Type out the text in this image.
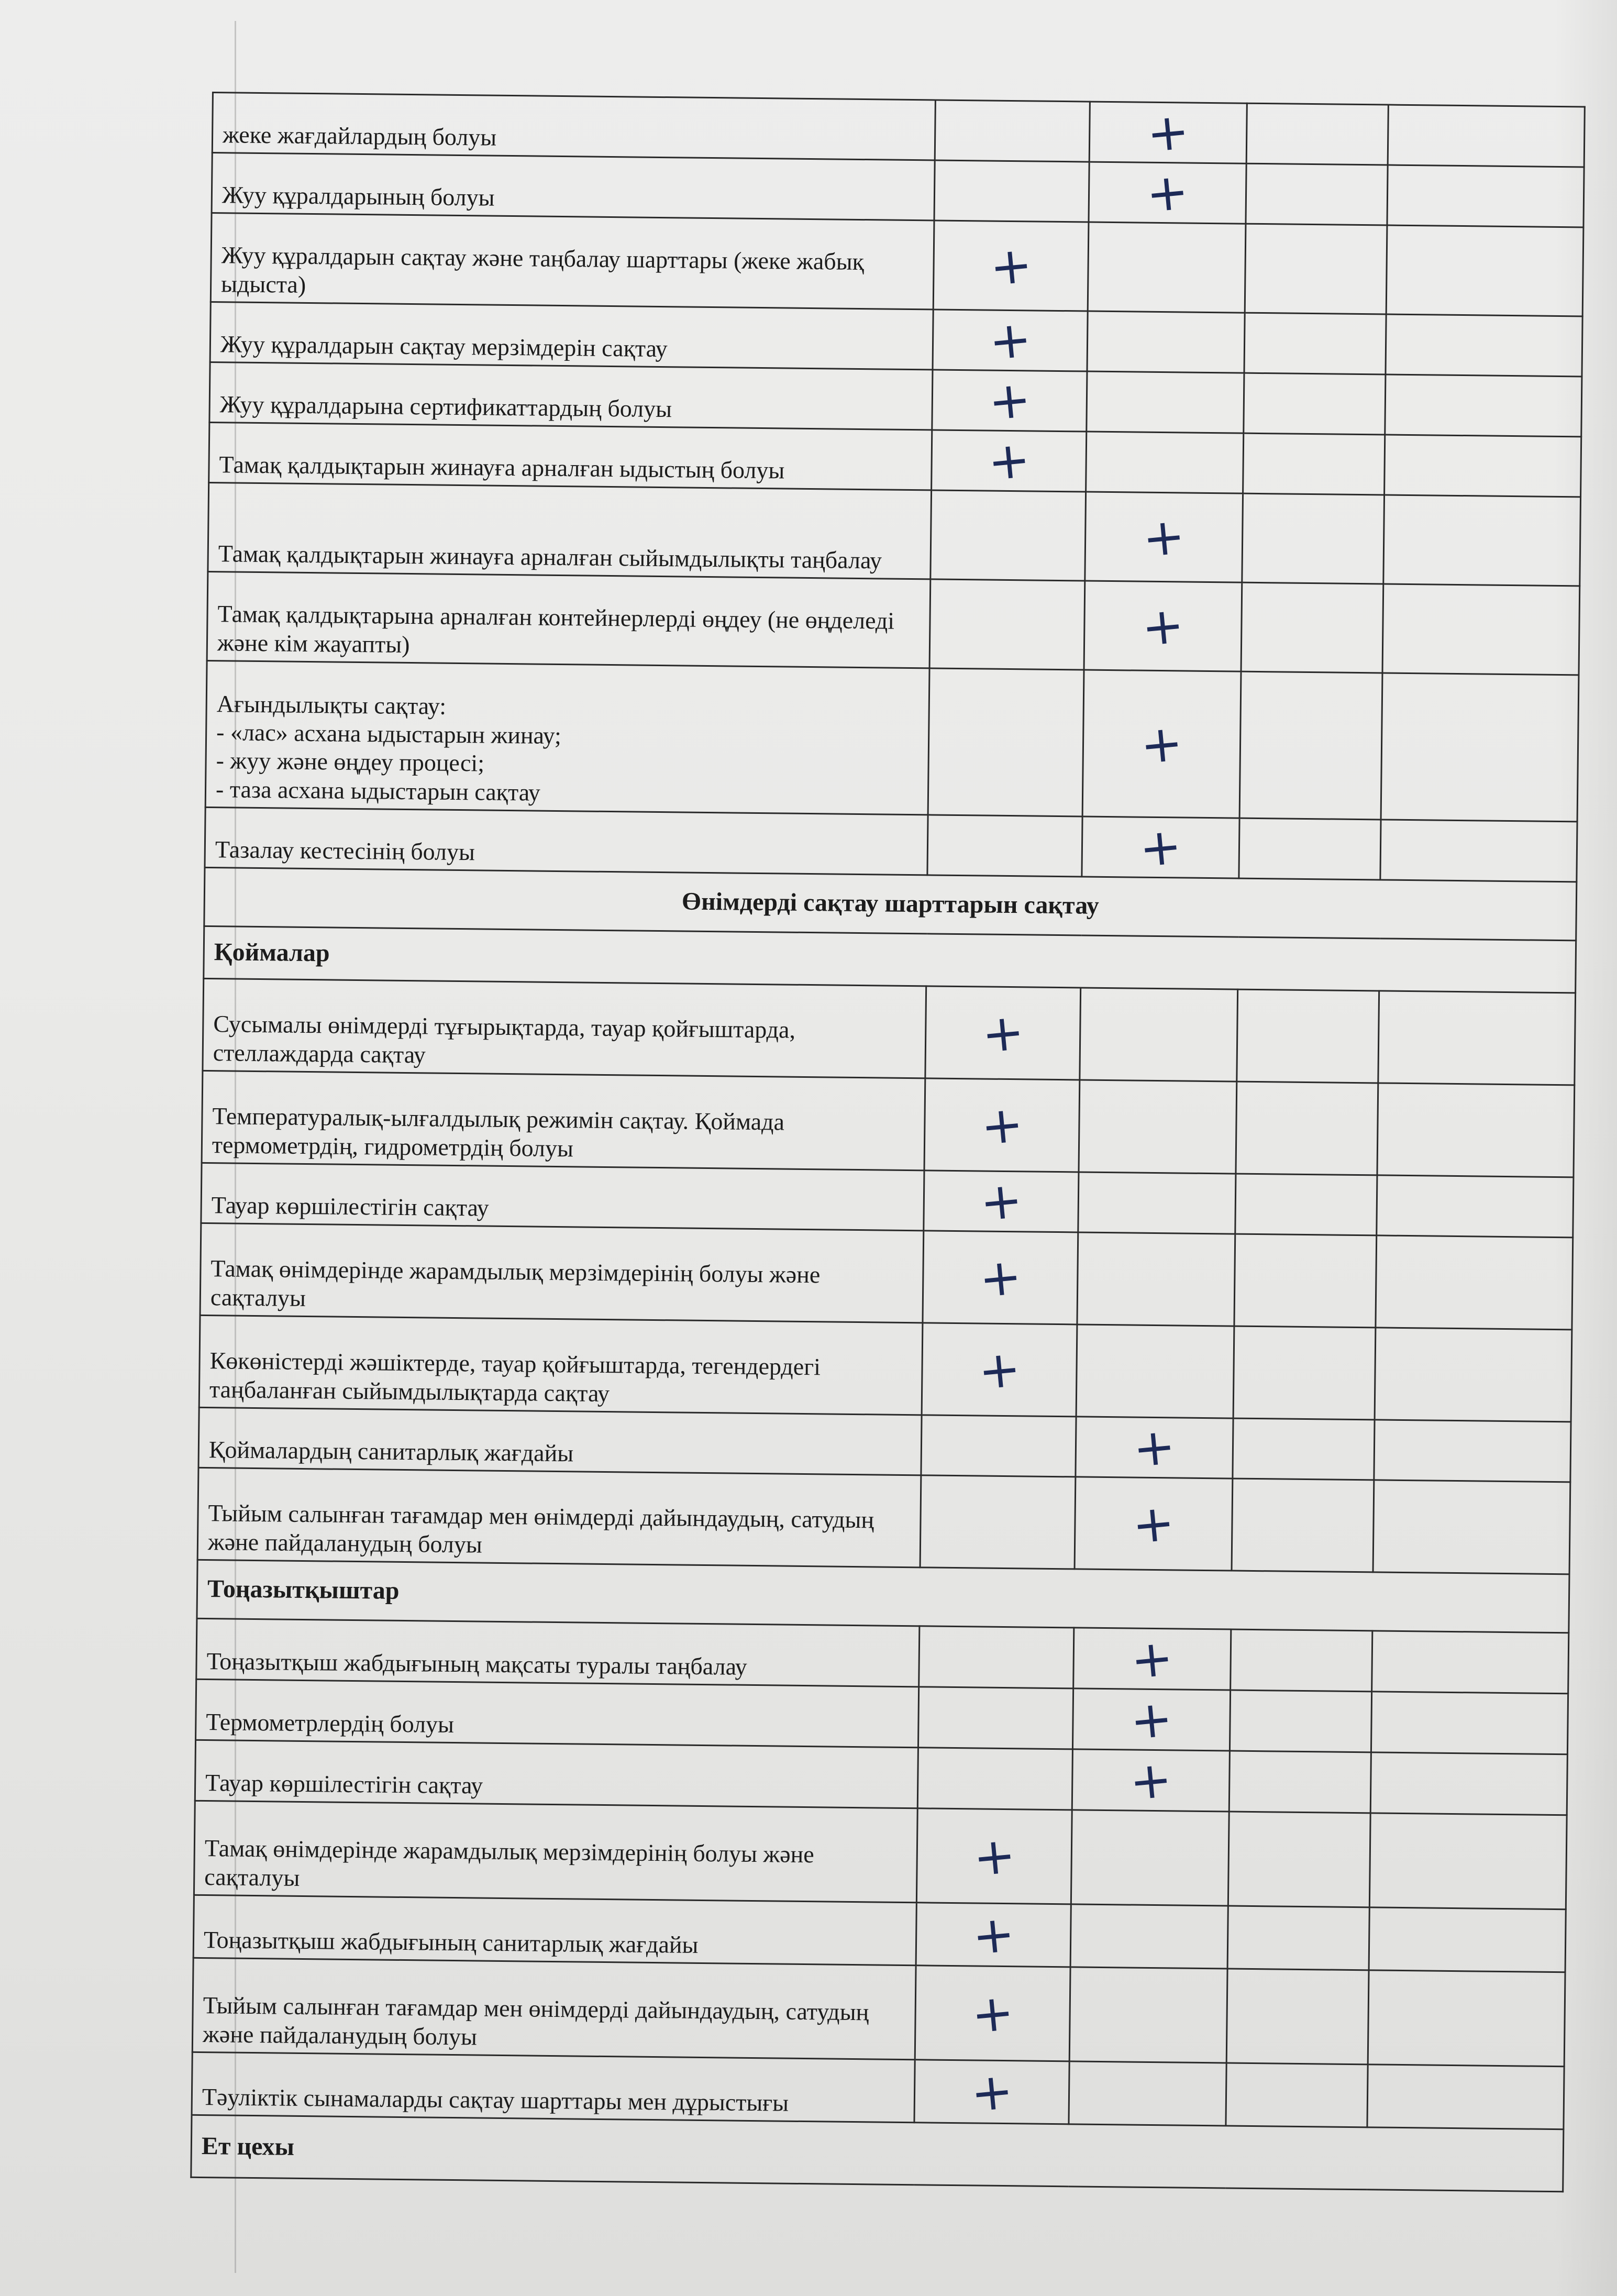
жеке жағдайлардың болуы		+		
Жуу құралдарының болуы		+		
Жуу құралдарын сақтау және таңбалау шарттары (жеке жабық ыдыста)	+			
Жуу құралдарын сақтау мерзімдерін сақтау	+			
Жуу құралдарына сертификаттардың болуы	+			
Тамақ қалдықтарын жинауға арналған ыдыстың болуы	+			
Тамақ қалдықтарын жинауға арналған сыйымдылықты таңбалау		+		
Тамақ қалдықтарына арналған контейнерлерді өңдеу (не өңделеді және кім жауапты)		+		

Ағындылықты сақтау:
- «лас» асхана ыдыстарын жинау;
- жуу және өңдеу процесі;
- таза асхана ыдыстарын сақтау		+		
Тазалау кестесінің болуы		+		
Өнімдерді сақтау шарттарын сақтау				
Қоймалар				
Сусымалы өнімдерді тұғырықтарда, тауар қойғыштарда, стеллаждарда сақтау	+			
Температуралық-ылғалдылық режимін сақтау. Қоймада термометрдің, гидрометрдің болуы	+			
Тауар көршілестігін сақтау	+			
Тамақ өнімдерінде жарамдылық мерзімдерінің болуы және сақталуы	+			
Көкөністерді жәшіктерде, тауар қойғыштарда, тегендердегі таңбаланған сыйымдылықтарда сақтау	+			
Қоймалардың санитарлық жағдайы		+		
Тыйым салынған тағамдар мен өнімдерді дайындаудың, сатудың және пайдаланудың болуы		+		
Тоңазытқыштар				
Тоңазытқыш жабдығының мақсаты туралы таңбалау		+		
Термометрлердің болуы		+		
Тауар көршілестігін сақтау		+		
Тамақ өнімдерінде жарамдылық мерзімдерінің болуы және сақталуы	+			
Тоңазытқыш жабдығының санитарлық жағдайы	+			
Тыйым салынған тағамдар мен өнімдерді дайындаудың, сатудың және пайдаланудың болуы	+			
Тәуліктік сынамаларды сақтау шарттары мен дұрыстығы	+			
Ет цехы				
